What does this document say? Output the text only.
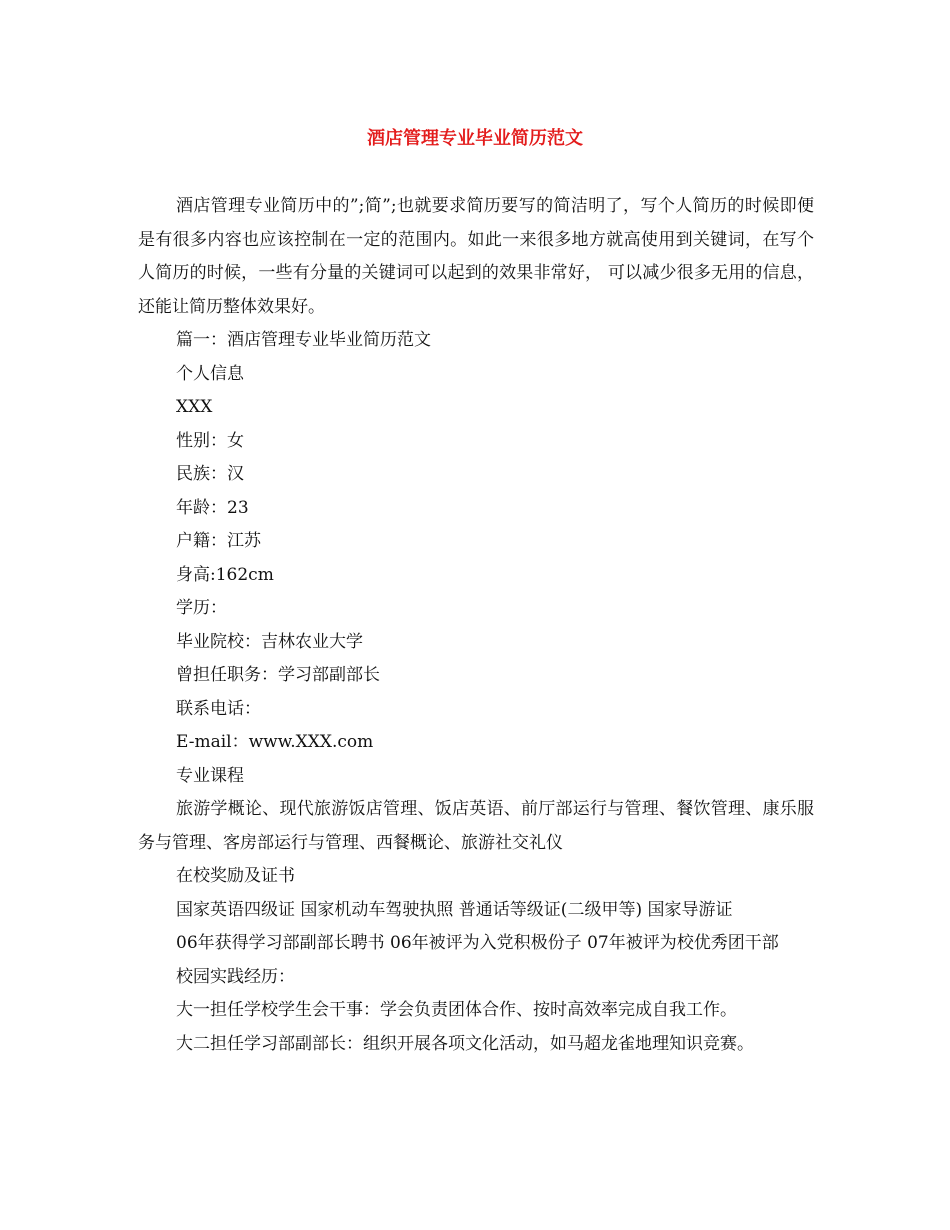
酒店管理专业毕业简历范文

酒店管理专业简历中的”;简”;也就要求简历要写的简洁明了，写个人简历的时候即便是有很多内容也应该控制在一定的范围内。如此一来很多地方就高使用到关键词，在写个人简历的时候，一些有分量的关键词可以起到的效果非常好， 可以减少很多无用的信息，还能让简历整体效果好。

篇一：酒店管理专业毕业简历范文

个人信息

XXX

性别：女

民族：汉

年龄：23

户籍：江苏

身高:162cm

学历：

毕业院校：吉林农业大学

曾担任职务：学习部副部长

联系电话：

E-mail：www.XXX.com

专业课程

旅游学概论、现代旅游饭店管理、饭店英语、前厅部运行与管理、餐饮管理、康乐服务与管理、客房部运行与管理、西餐概论、旅游社交礼仪

在校奖励及证书

国家英语四级证 国家机动车驾驶执照 普通话等级证(二级甲等) 国家导游证

06年获得学习部副部长聘书 06年被评为入党积极份子 07年被评为校优秀团干部

校园实践经历：

大一担任学校学生会干事：学会负责团体合作、按时高效率完成自我工作。

大二担任学习部副部长：组织开展各项文化活动，如马超龙雀地理知识竞赛。
